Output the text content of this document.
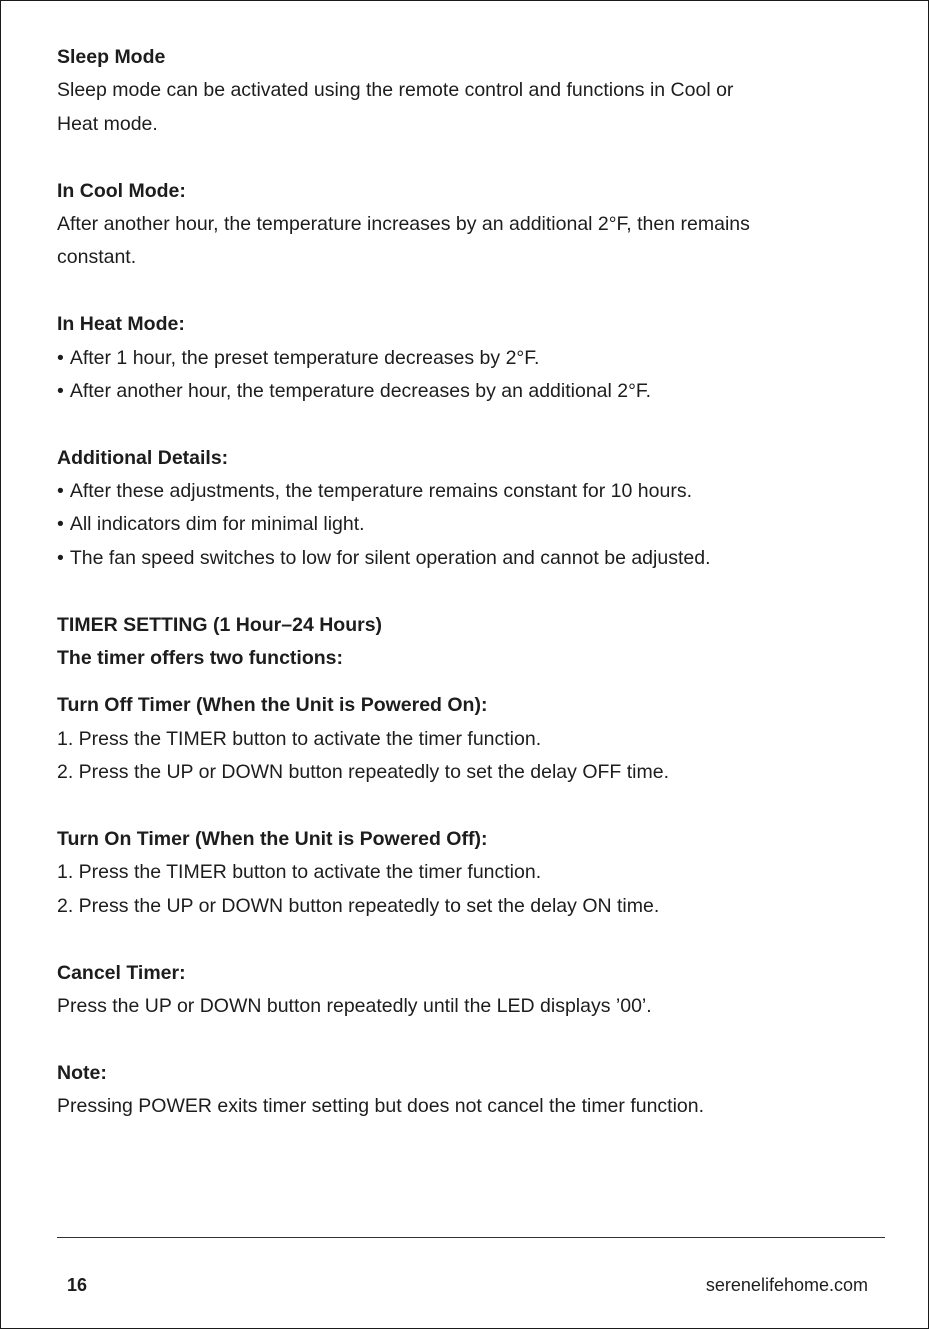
Sleep Mode
Sleep mode can be activated using the remote control and functions in Cool or
Heat mode.
In Cool Mode:
After another hour, the temperature increases by an additional 2°F, then remains
constant.
In Heat Mode:
• After 1 hour, the preset temperature decreases by 2°F.
• After another hour, the temperature decreases by an additional 2°F.
Additional Details:
• After these adjustments, the temperature remains constant for 10 hours.
• All indicators dim for minimal light.
• The fan speed switches to low for silent operation and cannot be adjusted.
TIMER SETTING (1 Hour–24 Hours)
The timer offers two functions:
Turn Off Timer (When the Unit is Powered On):
1. Press the TIMER button to activate the timer function.
2. Press the UP or DOWN button repeatedly to set the delay OFF time.
Turn On Timer (When the Unit is Powered Off):
1. Press the TIMER button to activate the timer function.
2. Press the UP or DOWN button repeatedly to set the delay ON time.
Cancel Timer:
Press the UP or DOWN button repeatedly until the LED displays ’00’.
Note:
Pressing POWER exits timer setting but does not cancel the timer function.
16	serenelifehome.com
